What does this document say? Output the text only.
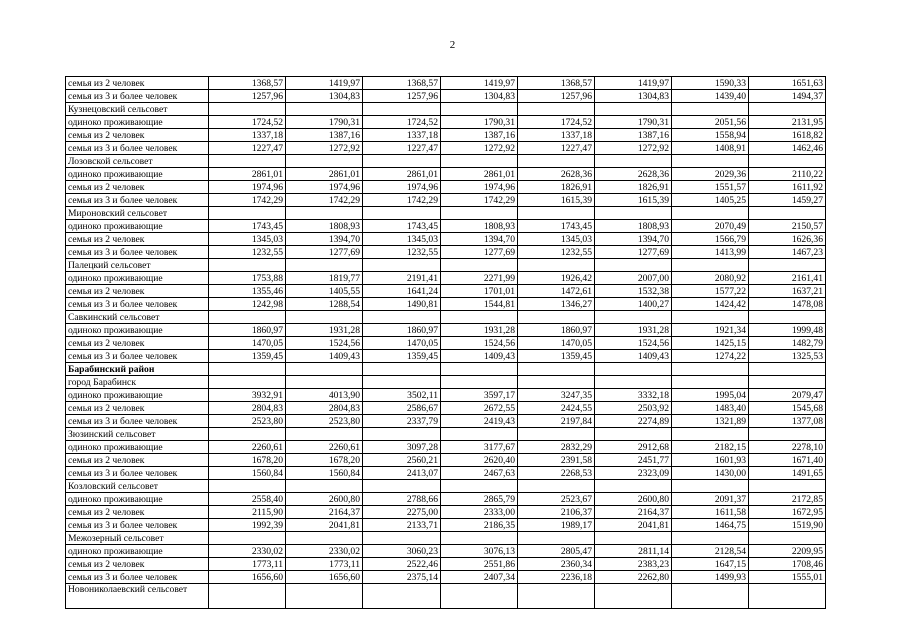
2
семья из 2 человек	1368,57	1419,97	1368,57	1419,97	1368,57	1419,97	1590,33	1651,63
семья из 3 и более человек	1257,96	1304,83	1257,96	1304,83	1257,96	1304,83	1439,40	1494,37
Кузнецовский сельсовет								
одиноко проживающие	1724,52	1790,31	1724,52	1790,31	1724,52	1790,31	2051,56	2131,95
семья из 2 человек	1337,18	1387,16	1337,18	1387,16	1337,18	1387,16	1558,94	1618,82
семья из 3 и более человек	1227,47	1272,92	1227,47	1272,92	1227,47	1272,92	1408,91	1462,46
Лозовской сельсовет								
одиноко проживающие	2861,01	2861,01	2861,01	2861,01	2628,36	2628,36	2029,36	2110,22
семья из 2 человек	1974,96	1974,96	1974,96	1974,96	1826,91	1826,91	1551,57	1611,92
семья из 3 и более человек	1742,29	1742,29	1742,29	1742,29	1615,39	1615,39	1405,25	1459,27
Мироновский сельсовет								
одиноко проживающие	1743,45	1808,93	1743,45	1808,93	1743,45	1808,93	2070,49	2150,57
семья из 2 человек	1345,03	1394,70	1345,03	1394,70	1345,03	1394,70	1566,79	1626,36
семья из 3 и более человек	1232,55	1277,69	1232,55	1277,69	1232,55	1277,69	1413,99	1467,23
Палецкий сельсовет								
одиноко проживающие	1753,88	1819,77	2191,41	2271,99	1926,42	2007,00	2080,92	2161,41
семья из 2 человек	1355,46	1405,55	1641,24	1701,01	1472,61	1532,38	1577,22	1637,21
семья из 3 и более человек	1242,98	1288,54	1490,81	1544,81	1346,27	1400,27	1424,42	1478,08
Савкинский сельсовет								
одиноко проживающие	1860,97	1931,28	1860,97	1931,28	1860,97	1931,28	1921,34	1999,48
семья из 2 человек	1470,05	1524,56	1470,05	1524,56	1470,05	1524,56	1425,15	1482,79
семья из 3 и более человек	1359,45	1409,43	1359,45	1409,43	1359,45	1409,43	1274,22	1325,53
Барабинский район								
город Барабинск								
одиноко проживающие	3932,91	4013,90	3502,11	3597,17	3247,35	3332,18	1995,04	2079,47
семья из 2 человек	2804,83	2804,83	2586,67	2672,55	2424,55	2503,92	1483,40	1545,68
семья из 3 и более человек	2523,80	2523,80	2337,79	2419,43	2197,84	2274,89	1321,89	1377,08
Зюзинский сельсовет								
одиноко проживающие	2260,61	2260,61	3097,28	3177,67	2832,29	2912,68	2182,15	2278,10
семья из 2 человек	1678,20	1678,20	2560,21	2620,40	2391,58	2451,77	1601,93	1671,40
семья из 3 и более человек	1560,84	1560,84	2413,07	2467,63	2268,53	2323,09	1430,00	1491,65
Козловский сельсовет								
одиноко проживающие	2558,40	2600,80	2788,66	2865,79	2523,67	2600,80	2091,37	2172,85
семья из 2 человек	2115,90	2164,37	2275,00	2333,00	2106,37	2164,37	1611,58	1672,95
семья из 3 и более человек	1992,39	2041,81	2133,71	2186,35	1989,17	2041,81	1464,75	1519,90
Межозерный сельсовет								
одиноко проживающие	2330,02	2330,02	3060,23	3076,13	2805,47	2811,14	2128,54	2209,95
семья из 2 человек	1773,11	1773,11	2522,46	2551,86	2360,34	2383,23	1647,15	1708,46
семья из 3 и более человек	1656,60	1656,60	2375,14	2407,34	2236,18	2262,80	1499,93	1555,01
Новониколаевский сельсовет								
